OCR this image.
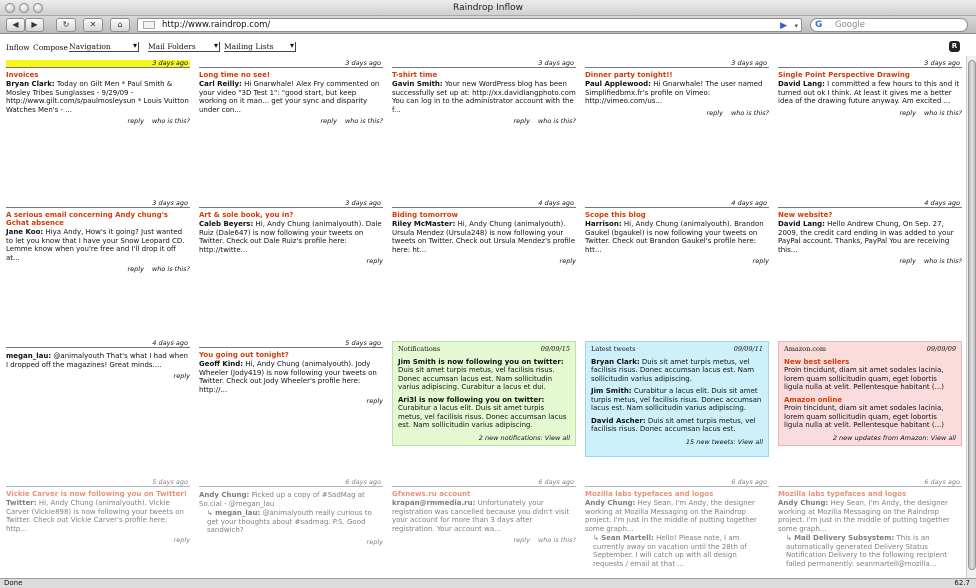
Raindrop Inflow
◀	▶	↻	✕	⌂	http://www.raindrop.com/	▶ ▾ G Google
Inflow Compose Navigation ▾	Mail Folders ▾	Mailing Lists ▾	R
3 days ago
Invoices
Bryan Clark: Today on Gilt Men * Paul Smith & Mosley Tribes Sunglasses - 9/29/09 - http://www.gilt.com/s/paulmosleysun * Louis Vuitton Watches Men's - ...
reply who is this?
3 days ago
Long time no see!
Carl Reilly: Hi Gnarwhale! Alex Fry commented on your video "3D Test 1": "good start, but keep working on it man... get your sync and disparity under con...
reply who is this?
3 days ago
T-shirt time
Gavin Smith: Your new WordPress blog has been successfully set up at: http://xx.davidlangphoto.com You can log in to the administrator account with the f...
reply who is this?
3 days ago
Dinner party tonight!!
Paul Applewood: Hi Gnarwhale! The user named Simplifiedbmx.fr's profile on Vimeo: http://vimeo.com/us...
reply who is this?
3 days ago
Single Point Perspective Drawing
David Lang: I committed a few hours to this and it turned out ok I think. At least it gives me a better idea of the drawing future anyway. Am excited ...
reply who is this?
3 days ago
A serious email concerning Andy chung's Gchat absence
Jane Koo: Hiya Andy, How's it going? Just wanted to let you know that I have your Snow Leopard CD. Lemme know when you're free and I'll drop it off at...
reply who is this?
3 days ago
Art & sole book, you in?
Caleb Beyers: Hi, Andy Chung (animalyouth). Dale Ruiz (Dale647) is now following your tweets on Twitter. Check out Dale Ruiz's profile here: http://twitte...
reply
4 days ago
Biding tomorrow
Riley McMaster: Hi, Andy Chung (animalyouth). Ursula Mendez (Ursula248) is now following your tweets on Twitter. Check out Ursula Mendez's profile here: ht...
reply
4 days ago
Scope this blog
Harrison: Hi, Andy Chung (animalyouth). Brandon Gaukel (bgaukel) is now following your tweets on Twitter. Check out Brandon Gaukel's profile here: htt...
reply
4 days ago
New website?
David Lang: Hello Andrew Chung, On Sep. 27, 2009, the credit card ending in was added to your PayPal account. Thanks, PayPal You are receiving this...
reply who is this?
4 days ago
megan_lau: @animalyouth That's what I had when I dropped off the magazines! Great minds....
reply
5 days ago
You going out tonight?
Geoff Kind: Hi, Andy Chung (animalyouth). Jody Wheeler (Jody419) is now following your tweets on Twitter. Check out Jody Wheeler's profile here: http://...
reply
Notifications	09/09/15
Jim Smith is now following you on twitter: Duis sit amet turpis metus, vel facilisis risus. Donec accumsan lacus est. Nam sollicitudin varius adipiscing. Curabitur a lacus et dui.
Ari3l is now following you on twitter: Curabitur a lacus elit. Duis sit amet turpis metus, vel facilisis risus. Donec accumsan lacus est. Nam sollicitudin varius adipiscing.
2 new notifications: View all
Latest tweets	09/09/11
Bryan Clark: Duis sit amet turpis metus, vel facilisis risus. Donec accumsan lacus est. Nam sollicitudin varius adipiscing.
Jim Smith: Curabitur a lacus elit. Duis sit amet turpis metus, vel facilisis risus. Donec accumsan lacus est. Nam sollicitudin varius adipiscing.
David Ascher: Duis sit amet turpis metus, vel facilisis risus. Donec accumsan lacus est.
15 new tweets: View all
Amazon.com	09/09/09
New best sellers
Proin tincidunt, diam sit amet sodales lacinia, lorem quam sollicitudin quam, eget lobortis ligula nulla at velit. Pellentesque habitant (...)
Amazon online
Proin tincidunt, diam sit amet sodales lacinia, lorem quam sollicitudin quam, eget lobortis ligula nulla at velit. Pellentesque habitant (...)
2 new updates from Amazon: View all
5 days ago
Vickie Carver is now following you on Twitter!
Twitter: Hi, Andy Chung (animalyouth). Vickie Carver (Vickie898) is now following your tweets on Twitter. Check out Vickie Carver's profile here: http...
reply
6 days ago
Andy Chung: Picked up a copy of #SadMag at So.cial - @megan_lau
↳ megan_lau: @animalyouth really curious to get your thoughts about #sadmag. P.S. Good sandwich?
reply
6 days ago
Gfxnews.ru account
krapan@rmmedia.ru: Unfortunately your registration was cancelled because you didn't visit your account for more than 3 days after registration. Your account wa...
reply who is this?
6 days ago
Mozilla labs typefaces and logos
Andy Chung: Hey Sean, I'm Andy, the designer working at Mozilla Messaging on the Raindrop project. I'm just in the middle of putting together some graph...
↳ Sean Martell: Hello! Please note, I am currently away on vacation until the 28th of September. I will catch up with all design requests / email at that ...
6 days ago
Mozilla labs typefaces and logos
Andy Chung: Hey Sean, I'm Andy, the designer working at Mozilla Messaging on the Raindrop project. I'm just in the middle of putting together some graph...
↳ Mail Delivery Subsystem: This is an automatically generated Delivery Status Notification Delivery to the following recipient failed permanently: seanmartell@mozilla...
Done	62.7
